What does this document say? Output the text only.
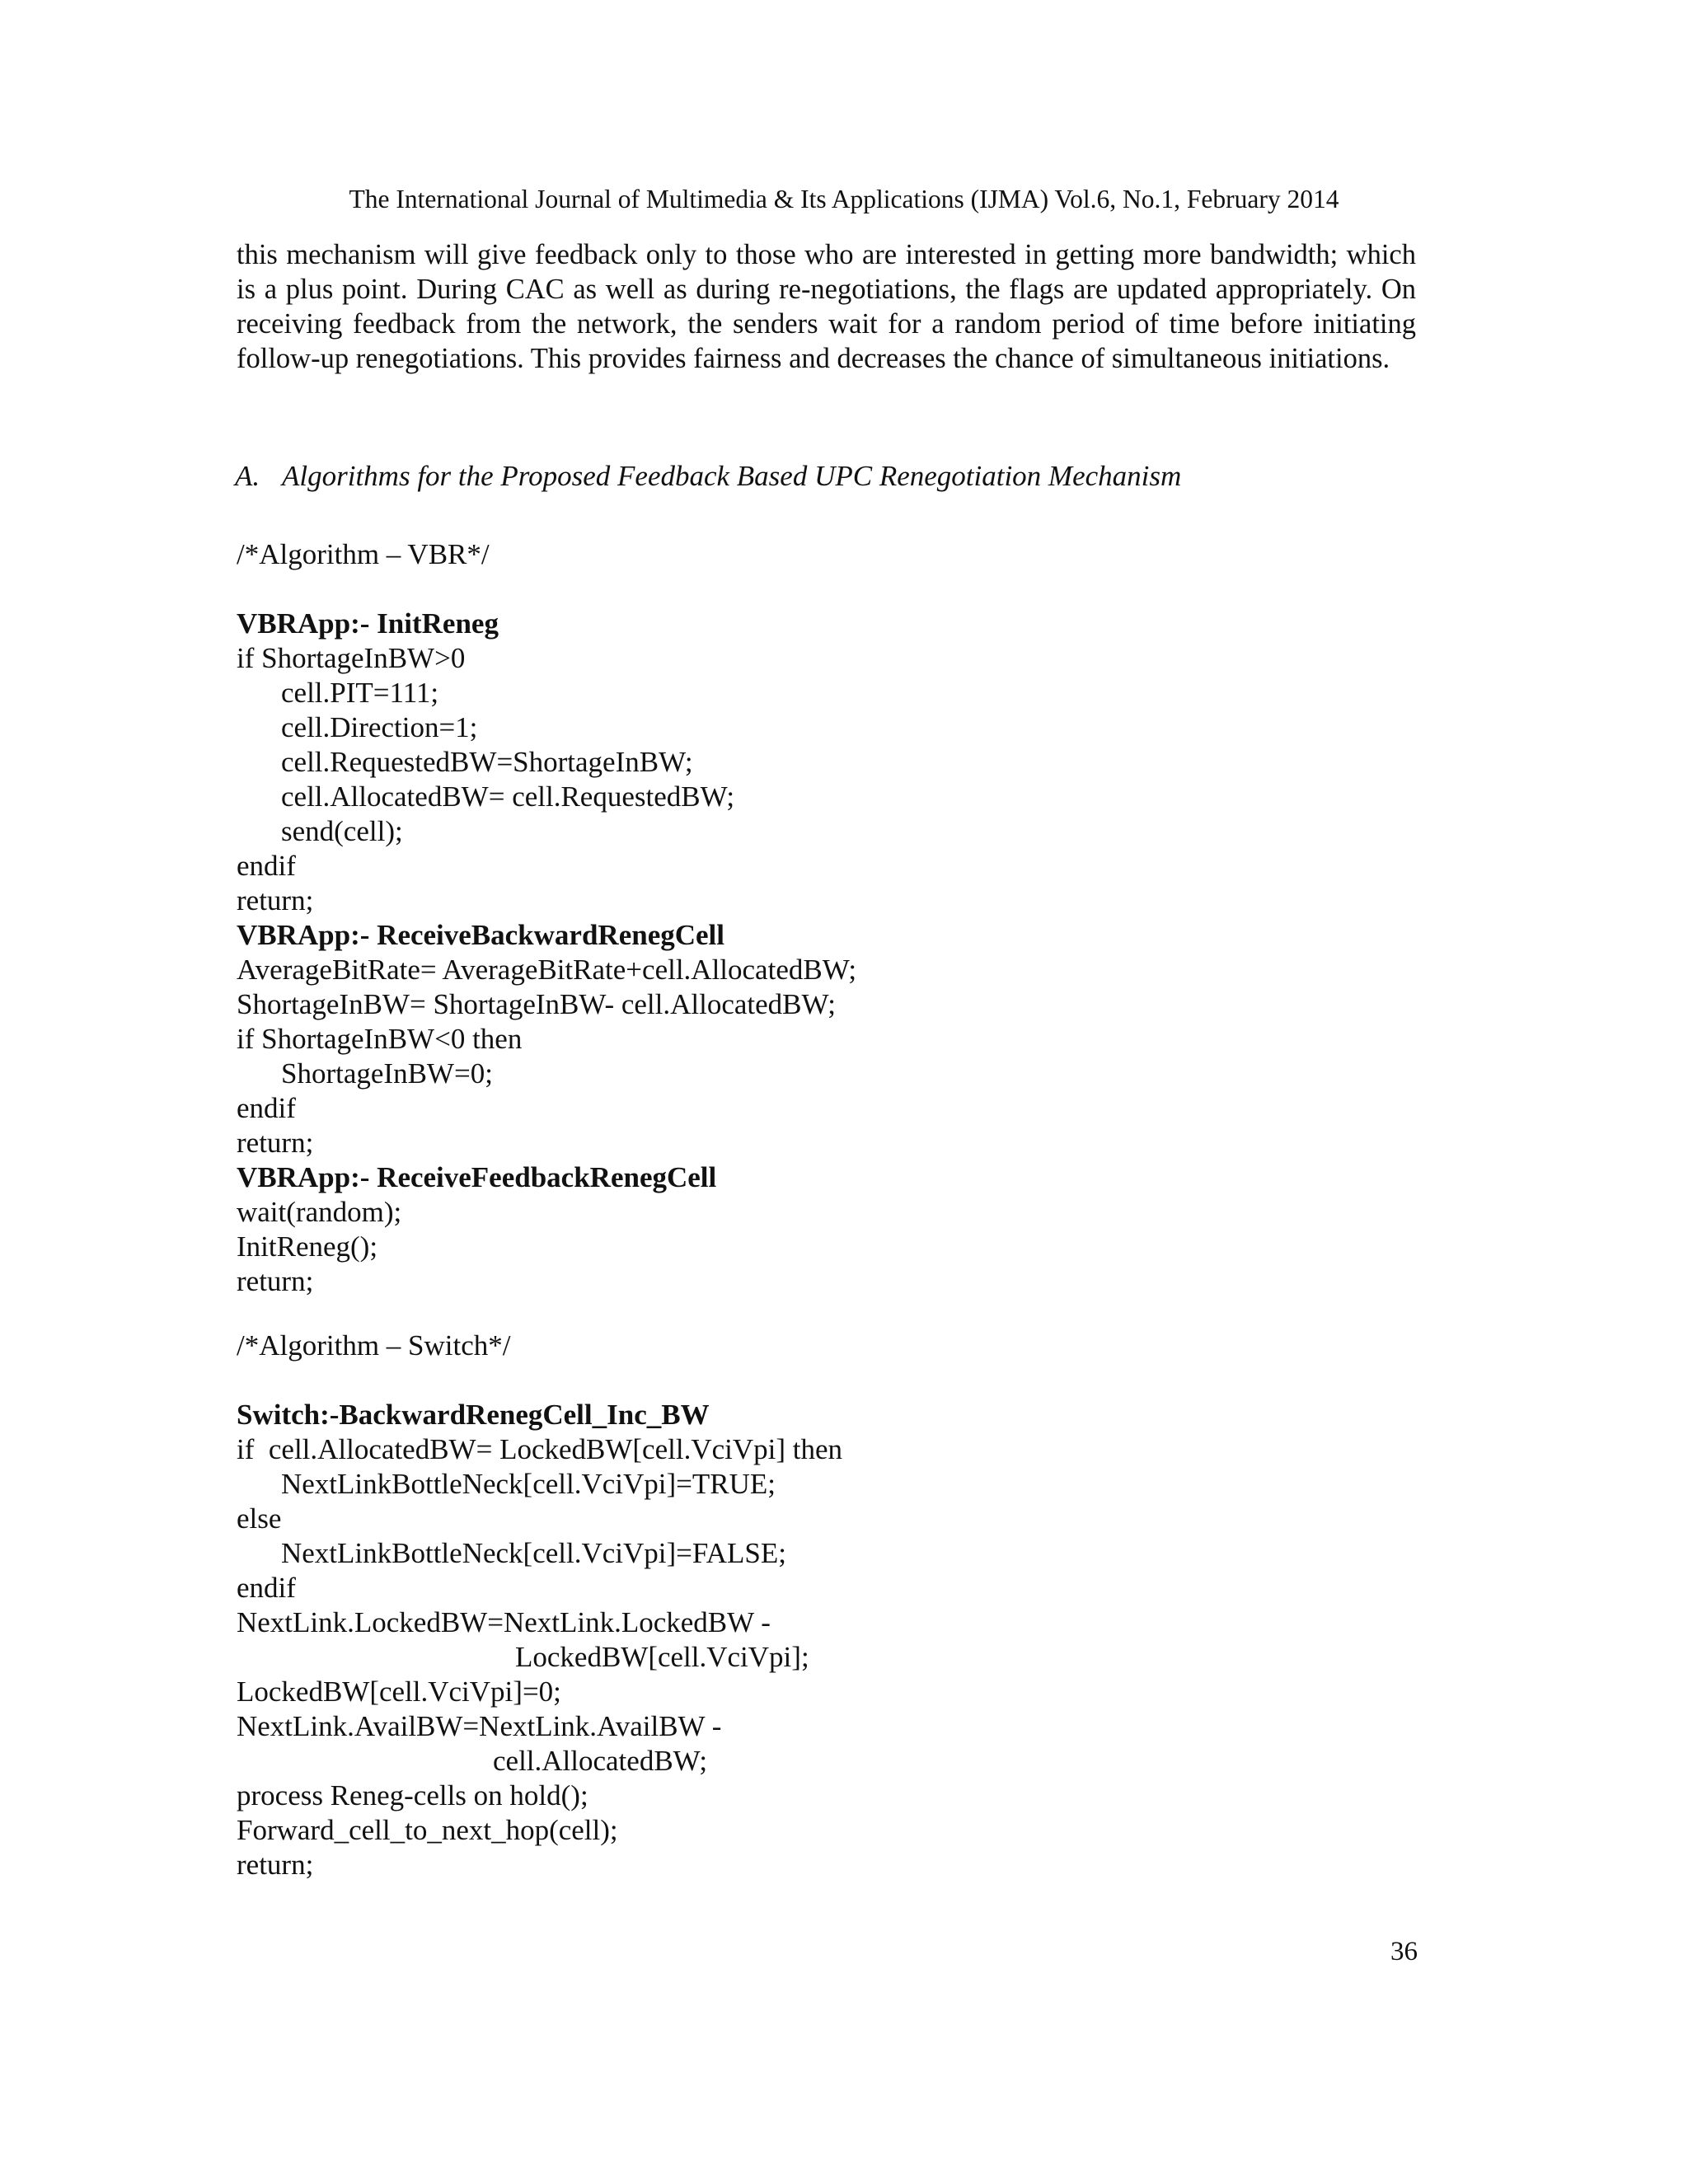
The International Journal of Multimedia & Its Applications (IJMA) Vol.6, No.1, February 2014

this mechanism will give feedback only to those who are interested in getting more bandwidth; which is a plus point. During CAC as well as during re-negotiations, the flags are updated appropriately. On receiving feedback from the network, the senders wait for a random period of time before initiating follow-up renegotiations. This provides fairness and decreases the chance of simultaneous initiations.

A. Algorithms for the Proposed Feedback Based UPC Renegotiation Mechanism
/*Algorithm – VBR*/
VBRApp:- InitReneg
if ShortageInBW>0
cell.PIT=111;
cell.Direction=1;
cell.RequestedBW=ShortageInBW;
cell.AllocatedBW= cell.RequestedBW;
send(cell);
endif
return;
VBRApp:- ReceiveBackwardRenegCell
AverageBitRate= AverageBitRate+cell.AllocatedBW;
ShortageInBW= ShortageInBW- cell.AllocatedBW;
if ShortageInBW<0 then
ShortageInBW=0;
endif
return;
VBRApp:- ReceiveFeedbackRenegCell
wait(random);
InitReneg();
return;
/*Algorithm – Switch*/
Switch:-BackwardRenegCell_Inc_BW
if  cell.AllocatedBW= LockedBW[cell.VciVpi] then
NextLinkBottleNeck[cell.VciVpi]=TRUE;
else
NextLinkBottleNeck[cell.VciVpi]=FALSE;
endif
NextLink.LockedBW=NextLink.LockedBW -
LockedBW[cell.VciVpi];
LockedBW[cell.VciVpi]=0;
NextLink.AvailBW=NextLink.AvailBW -
cell.AllocatedBW;
process Reneg-cells on hold();
Forward_cell_to_next_hop(cell);
return;
36
